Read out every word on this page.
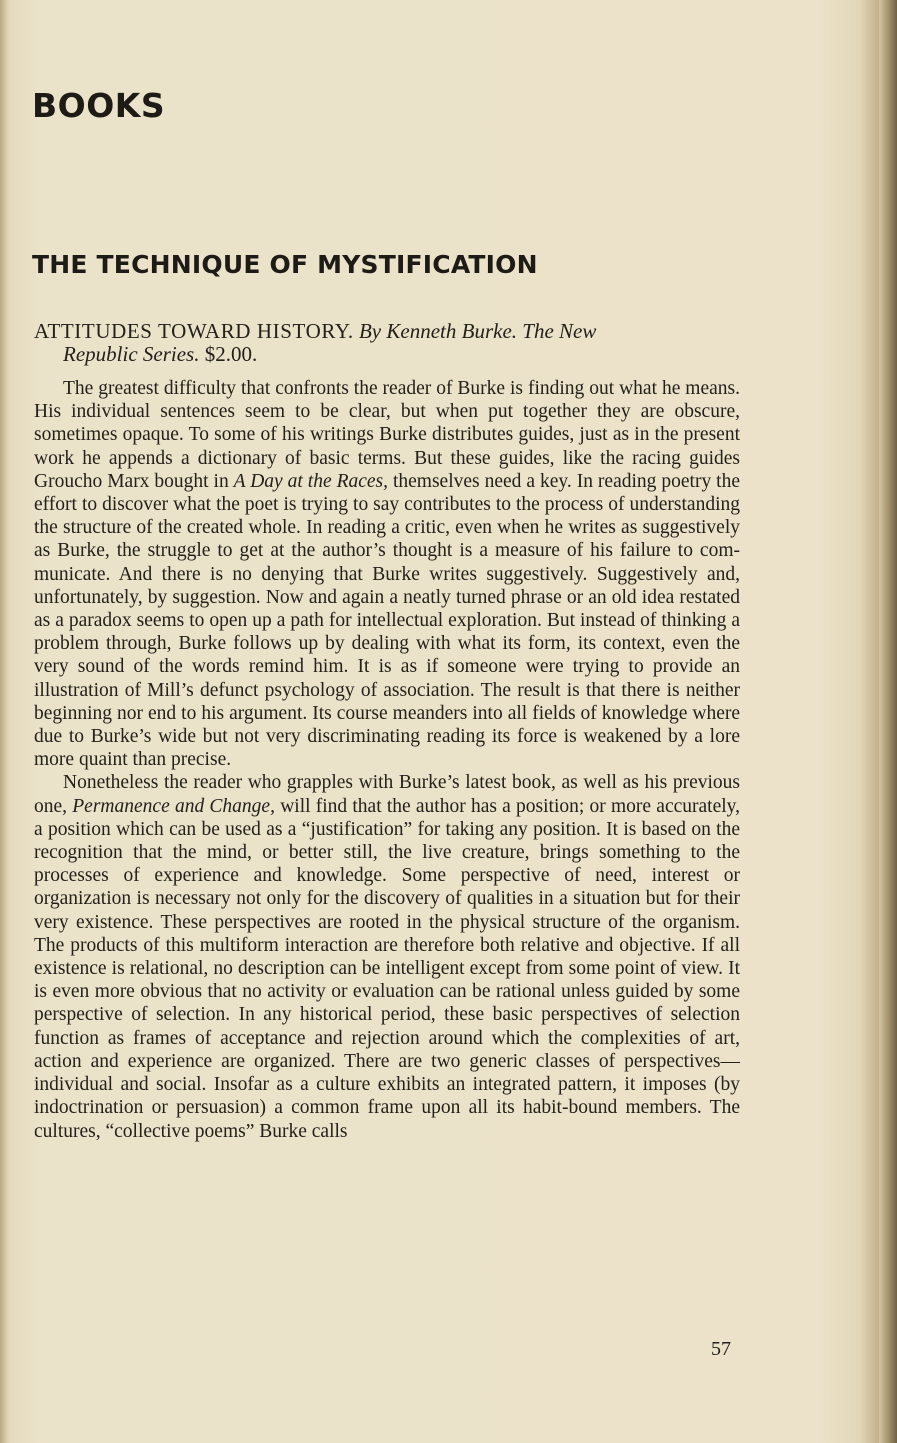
BOOKS
THE TECHNIQUE OF MYSTIFICATION
ATTITUDES TOWARD HISTORY. By Kenneth Burke. The New
Republic Series. $2.00.

The greatest difficulty that confronts the reader of Burke is finding out what he means. His individual sentences seem to be clear, but when put together they are obscure, sometimes opaque. To some of his writings Burke distributes guides, just as in the present work he appends a dictionary of basic terms. But these guides, like the racing guides Groucho Marx bought in A Day at the Races, themselves need a key. In reading poetry the effort to discover what the poet is trying to say contributes to the process of understanding the structure of the created whole. In reading a critic, even when he writes as suggestively as Burke, the struggle to get at the author’s thought is a measure of his failure to communicate. And there is no denying that Burke writes suggestively. Suggestively and, unfortunately, by suggestion. Now and again a neatly turned phrase or an old idea restated as a paradox seems to open up a path for intellectual exploration. But instead of thinking a problem through, Burke follows up by dealing with what its form, its context, even the very sound of the words remind him. It is as if someone were trying to provide an illustration of Mill’s defunct psychology of association. The result is that there is neither beginning nor end to his argument. Its course meanders into all fields of knowledge where due to Burke’s wide but not very discriminating reading its force is weakened by a lore more quaint than precise.

Nonetheless the reader who grapples with Burke’s latest book, as well as his previous one, Permanence and Change, will find that the author has a position; or more accurately, a position which can be used as a “justification” for taking any position. It is based on the recognition that the mind, or better still, the live creature, brings something to the processes of experience and knowledge. Some perspective of need, interest or organization is necessary not only for the discovery of qualities in a situation but for their very existence. These perspectives are rooted in the physical structure of the organism. The products of this multiform interaction are therefore both relative and objective. If all existence is relational, no description can be intelligent except from some point of view. It is even more obvious that no activity or evaluation can be rational unless guided by some perspective of selection. In any historical period, these basic perspectives of selection function as frames of acceptance and rejection around which the complexities of art, action and experience are organized. There are two generic classes of perspectives—individual and social. Insofar as a culture exhibits an integrated pattern, it imposes (by indoctrination or persuasion) a common frame upon all its habit-bound members. The cultures, “collective poems” Burke calls

57
